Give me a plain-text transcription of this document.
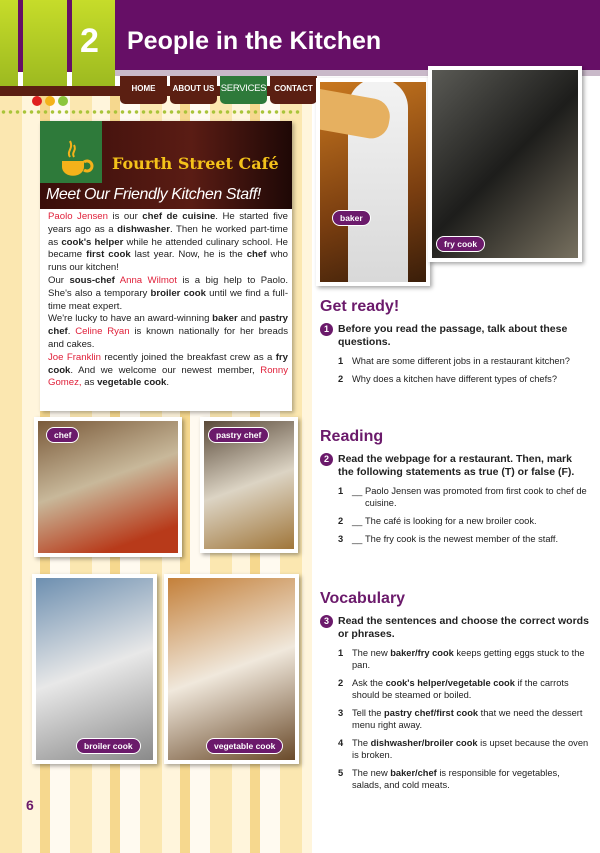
2 People in the Kitchen
HOME	ABOUT US SERVICES	CONTACT
Fourth Street Café
Meet Our Friendly Kitchen Staff!
Paolo Jensen is our chef de cuisine. He started five years ago as a dishwasher. Then he worked part-time as cook's helper while he attended culinary school. He became first cook last year. Now, he is the chef who runs our kitchen!
Our sous-chef Anna Wilmot is a big help to Paolo. She's also a temporary broiler cook until we find a full-time meat expert.
We're lucky to have an award-winning baker and pastry chef. Celine Ryan is known nationally for her breads and cakes.
Joe Franklin recently joined the breakfast crew as a fry cook. And we welcome our newest member, Ronny Gomez, as vegetable cook.
baker
fry cook
chef	pastry chef
broiler cook	vegetable cook
6
Get ready!
1 Before you read the passage, talk about these questions.
1 What are some different jobs in a restaurant kitchen?
2 Why does a kitchen have different types of chefs?
Reading
2 Read the webpage for a restaurant. Then, mark the following statements as true (T) or false (F).
1 __ Paolo Jensen was promoted from first cook to chef de cuisine.
2 __ The café is looking for a new broiler cook.
3 __ The fry cook is the newest member of the staff.
Vocabulary
3 Read the sentences and choose the correct words or phrases.
1 The new baker/fry cook keeps getting eggs stuck to the pan.
2 Ask the cook's helper/vegetable cook if the carrots should be steamed or boiled.
3 Tell the pastry chef/first cook that we need the dessert menu right away.
4 The dishwasher/broiler cook is upset because the oven is broken.
5 The new baker/chef is responsible for vegetables, salads, and cold meats.
